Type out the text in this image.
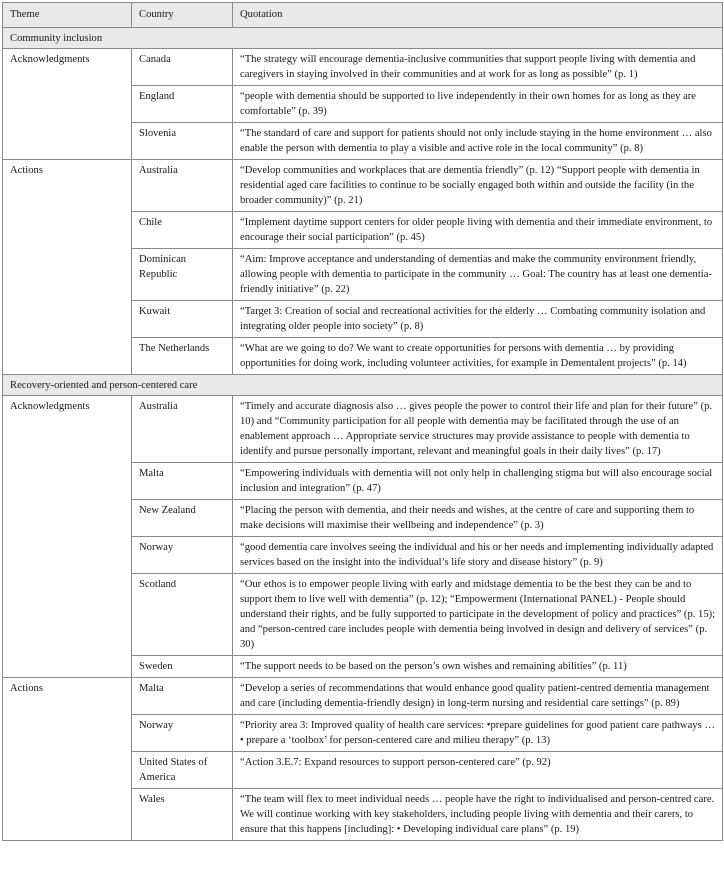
Theme	Country	Quotation
Community inclusion		
Acknowledgments	Canada	“The strategy will encourage dementia-inclusive communities that support people living with dementia and caregivers in staying involved in their communities and at work for as long as possible” (p. 1)
	England	“people with dementia should be supported to live independently in their own homes for as long as they are comfortable” (p. 39)
	Slovenia	“The standard of care and support for patients should not only include staying in the home environment … also enable the person with dementia to play a visible and active role in the local community” (p. 8)
Actions	Australia	“Develop communities and workplaces that are dementia friendly” (p. 12) “Support people with dementia in residential aged care facilities to continue to be socially engaged both within and outside the facility (in the broader community)” (p. 21)
	Chile	“Implement daytime support centers for older people living with dementia and their immediate environment, to encourage their social participation” (p. 45)
	Dominican Republic	“Aim: Improve acceptance and understanding of dementias and make the community environment friendly, allowing people with dementia to participate in the community … Goal: The country has at least one dementia-friendly initiative” (p. 22)
	Kuwait	“Target 3: Creation of social and recreational activities for the elderly … Combating community isolation and integrating older people into society” (p. 8)
	The Netherlands	“What are we going to do? We want to create opportunities for persons with dementia … by providing opportunities for doing work, including volunteer activities, for example in Dementalent projects” (p. 14)
Recovery-oriented and person-centered care		
Acknowledgments	Australia	“Timely and accurate diagnosis also … gives people the power to control their life and plan for their future” (p. 10) and “Community participation for all people with dementia may be facilitated through the use of an enablement approach … Appropriate service structures may provide assistance to people with dementia to identify and pursue personally important, relevant and meaningful goals in their daily lives” (p. 17)
	Malta	“Empowering individuals with dementia will not only help in challenging stigma but will also encourage social inclusion and integration” (p. 47)
	New Zealand	“Placing the person with dementia, and their needs and wishes, at the centre of care and supporting them to make decisions will maximise their wellbeing and independence” (p. 3)
	Norway	“good dementia care involves seeing the individual and his or her needs and implementing individually adapted services based on the insight into the individual’s life story and disease history” (p. 9)
	Scotland	“Our ethos is to empower people living with early and midstage dementia to be the best they can be and to support them to live well with dementia” (p. 12); “Empowerment (International PANEL) - People should understand their rights, and be fully supported to participate in the development of policy and practices” (p. 15); and “person-centred care includes people with dementia being involved in design and delivery of services” (p. 30)
	Sweden	“The support needs to be based on the person’s own wishes and remaining abilities” (p. 11)
Actions	Malta	“Develop a series of recommendations that would enhance good quality patient-centred dementia management and care (including dementia-friendly design) in long-term nursing and residential care settings” (p. 89)
	Norway	“Priority area 3: Improved quality of health care services: •prepare guidelines for good patient care pathways … • prepare a ‘toolbox’ for person-centered care and milieu therapy” (p. 13)
	United States of America	“Action 3.E.7: Expand resources to support person-centered care” (p. 92)
	Wales	“The team will flex to meet individual needs … people have the right to individualised and person-centred care. We will continue working with key stakeholders, including people living with dementia and their carers, to ensure that this happens [including]: • Developing individual care plans” (p. 19)
